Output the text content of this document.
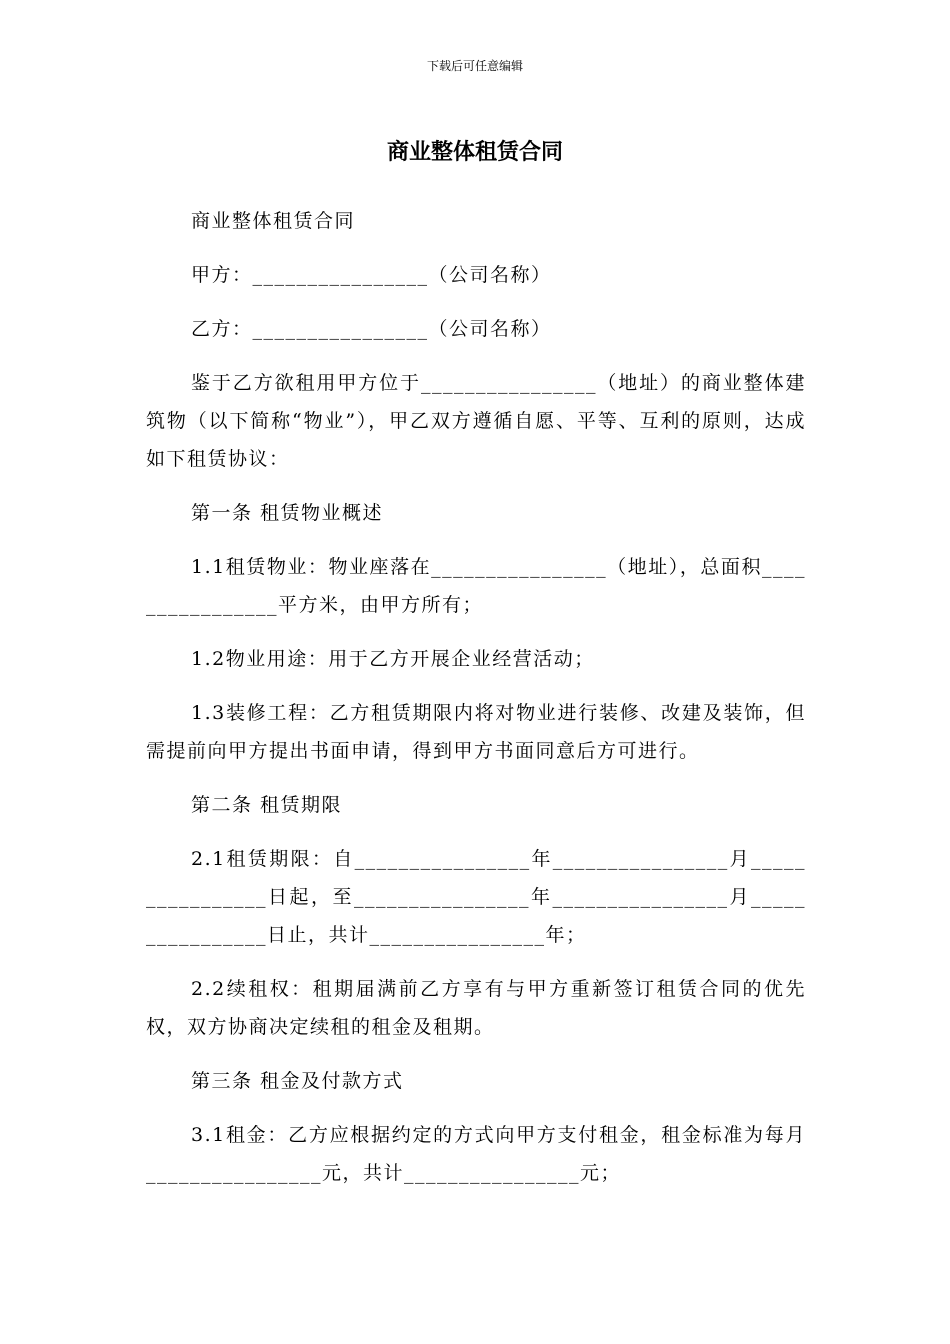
下载后可任意编辑
商业整体租赁合同

商业整体租赁合同

甲方：________________（公司名称）

乙方：________________（公司名称）

鉴于乙方欲租用甲方位于________________（地址）的商业整体建筑物（以下简称“物业”），甲乙双方遵循自愿、平等、互利的原则，达成如下租赁协议：

第一条 租赁物业概述

1.1租赁物业：物业座落在________________（地址），总面积________________平方米，由甲方所有；

1.2物业用途：用于乙方开展企业经营活动；

1.3装修工程：乙方租赁期限内将对物业进行装修、改建及装饰，但需提前向甲方提出书面申请，得到甲方书面同意后方可进行。

第二条 租赁期限

2.1租赁期限：自________________年________________月________________日起，至________________年________________月________________日止，共计________________年；

2.2续租权：租期届满前乙方享有与甲方重新签订租赁合同的优先权，双方协商决定续租的租金及租期。

第三条 租金及付款方式

3.1租金：乙方应根据约定的方式向甲方支付租金，租金标准为每月________________元，共计________________元；
